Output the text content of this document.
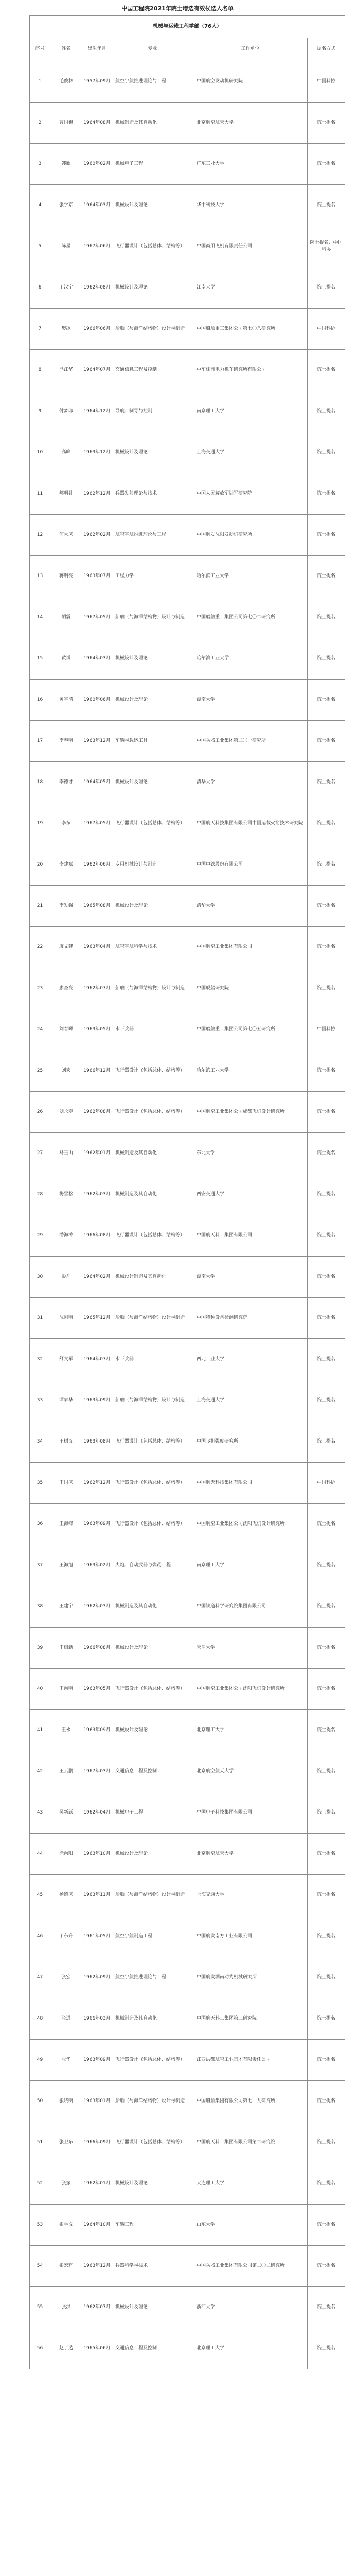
中国工程院2021年院士增选有效候选人名单
机械与运载工程学部（76人）					
序号	姓名	出生年月	专业	工作单位	提名方式
1	毛俊林	1957年09月	航空宇航推进理论与工程	中国航空发动机研究院	中国科协
2	曹国巍	1964年08月	机械制造及其自动化	北京航空航天大学	院士提名
3	韩雁	1960年02月	机械电子工程	广东工业大学	院士提名
4	张学京	1964年03月	机械设计及理论	华中科技大学	院士提名
5	陈星	1967年06月	飞行器设计（包括总体、结构等）	中国商用飞机有限责任公司	院士提名、中国科协
6	丁汉宁	1962年08月	机械设计及理论	江南大学	院士提名
7	樊冰	1966年06月	船舶（与海洋结构物）设计与制造	中国船舶重工集团公司第七〇八研究所	中国科协
8	冯江华	1964年07月	交通信息工程及控制	中车株洲电力机车研究所有限公司	院士提名
9	付梦印	1964年12月	导航、制导与控制	南京理工大学	院士提名
10	高峰	1963年12月	机械设计及理论	上海交通大学	院士提名
11	郝明礼	1962年12月	兵器发射理论与技术	中国人民解放军陆军研究院	院士提名
12	何大庆	1962年02月	航空宇航推进理论与工程	中国航发沈阳发动机研究所	院士提名
13	蒋明亮	1963年07月	工程力学	哈尔滨工业大学	院士提名
14	胡震	1967年05月	船舶（与海洋结构物）设计与制造	中国船舶重工集团公司第七〇二研究所	院士提名
15	黄博	1964年03月	机械设计及理论	哈尔滨工业大学	院士提名
16	黄宇清	1960年06月	机械设计及理论	湖南大学	院士提名
17	李春明	1963年12月	车辆与载运工具	中国兵器工业集团第二〇一研究所	院士提名
18	李德才	1964年05月	机械设计及理论	清华大学	院士提名
19	李东	1967年05月	飞行器设计（包括总体、结构等）	中国航天科技集团有限公司中国运载火箭技术研究院	院士提名
20	李建斌	1962年06月	专用机械设计与制造	中国中铁股份有限公司	院士提名
21	李发强	1965年08月	机械设计及理论	清华大学	院士提名
22	廖文建	1963年04月	航空宇航科学与技术	中国航空工业集团有限公司	院士提名
23	廖圣亮	1962年07月	船舶（与海洋结构物）设计与制造	中国舰船研究院	院士提名
24	刘春晖	1963年05月	水下兵器	中国船舶重工集团公司第七〇五研究所	中国科协
25	刘宏	1966年12月	飞行器设计（包括总体、结构等）	哈尔滨工业大学	院士提名
26	刘永寿	1962年08月	飞行器设计（包括总体、结构等）	中国航空工业集团公司成都飞机设计研究所	院士提名
27	马玉山	1962年01月	机械制造及其自动化	东北大学	院士提名
28	梅雪松	1962年03月	机械制造及其自动化	西安交通大学	院士提名
29	潘海涛	1966年08月	飞行器设计（包括总体、结构等）	中国航天科工集团有限公司	院士提名
30	彭凡	1964年02月	机械设计制造及其自动化	湖南大学	院士提名
31	沈刚明	1965年12月	船舶（与海洋结构物）设计与制造	中国特种设备检测研究院	院士提名
32	舒文军	1964年07月	水下兵器	西北工业大学	院士提名
33	谭家华	1963年09月	船舶（与海洋结构物）设计与制造	上海交通大学	院士提名
34	王树义	1963年08月	飞行器设计（包括总体、结构等）	中国飞机强度研究所	院士提名
35	王国庆	1962年12月	飞行器设计（包括总体、结构等）	中国航天科技集团有限公司	中国科协
36	王海峰	1963年09月	飞行器设计（包括总体、结构等）	中国航空工业集团公司沈阳飞机设计研究所	院士提名
37	王海旭	1963年02月	火炮、自动武器与弹药工程	南京理工大学	院士提名
38	王建宇	1962年03月	机械制造及其自动化	中国铁道科学研究院集团有限公司	院士提名
39	王树新	1966年08月	机械设计及理论	天津大学	院士提名
40	王向明	1963年05月	飞行器设计（包括总体、结构等）	中国航空工业集团公司沈阳飞机设计研究所	院士提名
41	王永	1963年09月	机械设计及理论	北京理工大学	院士提名
42	王云鹏	1967年03月	交通信息工程及控制	北京航空航天大学	院士提名
43	吴新跃	1962年04月	机械电子工程	中国电子科技集团有限公司	院士提名
44	徐向阳	1963年10月	机械设计及理论	北京航空航天大学	院士提名
45	杨德庆	1963年11月	船舶（与海洋结构物）设计与制造	上海交通大学	院士提名
46	于东升	1961年05月	航空宇航制造工程	中国航发南方工业有限公司	院士提名
47	张宏	1962年09月	航空宇航推进理论与工程	中国航发湖南动力机械研究所	院士提名
48	张进	1966年03月	机械制造及其自动化	中国航天科工集团第三研究院	院士提名
49	张华	1963年09月	飞行器设计（包括总体、结构等）	江西洪都航空工业集团有限责任公司	院士提名
50	张晓明	1963年01月	船舶（与海洋结构物）设计与制造	中国船舶集团有限公司第七一九研究所	院士提名
51	张卫东	1966年09月	飞行器设计（包括总体、结构等）	中国航天科工集团有限公司第二研究院	院士提名
52	张振	1962年01月	机械设计及理论	大连理工大学	院士提名
53	张学文	1964年10月	车辆工程	山东大学	院士提名
54	张宏辉	1963年12月	兵器科学与技术	中国兵器工业集团有限公司第二〇二研究所	院士提名
55	张洪	1962年07月	机械设计及理论	浙江大学	院士提名
56	赵丁选	1965年06月	交通信息工程及控制	北京理工大学	院士提名
